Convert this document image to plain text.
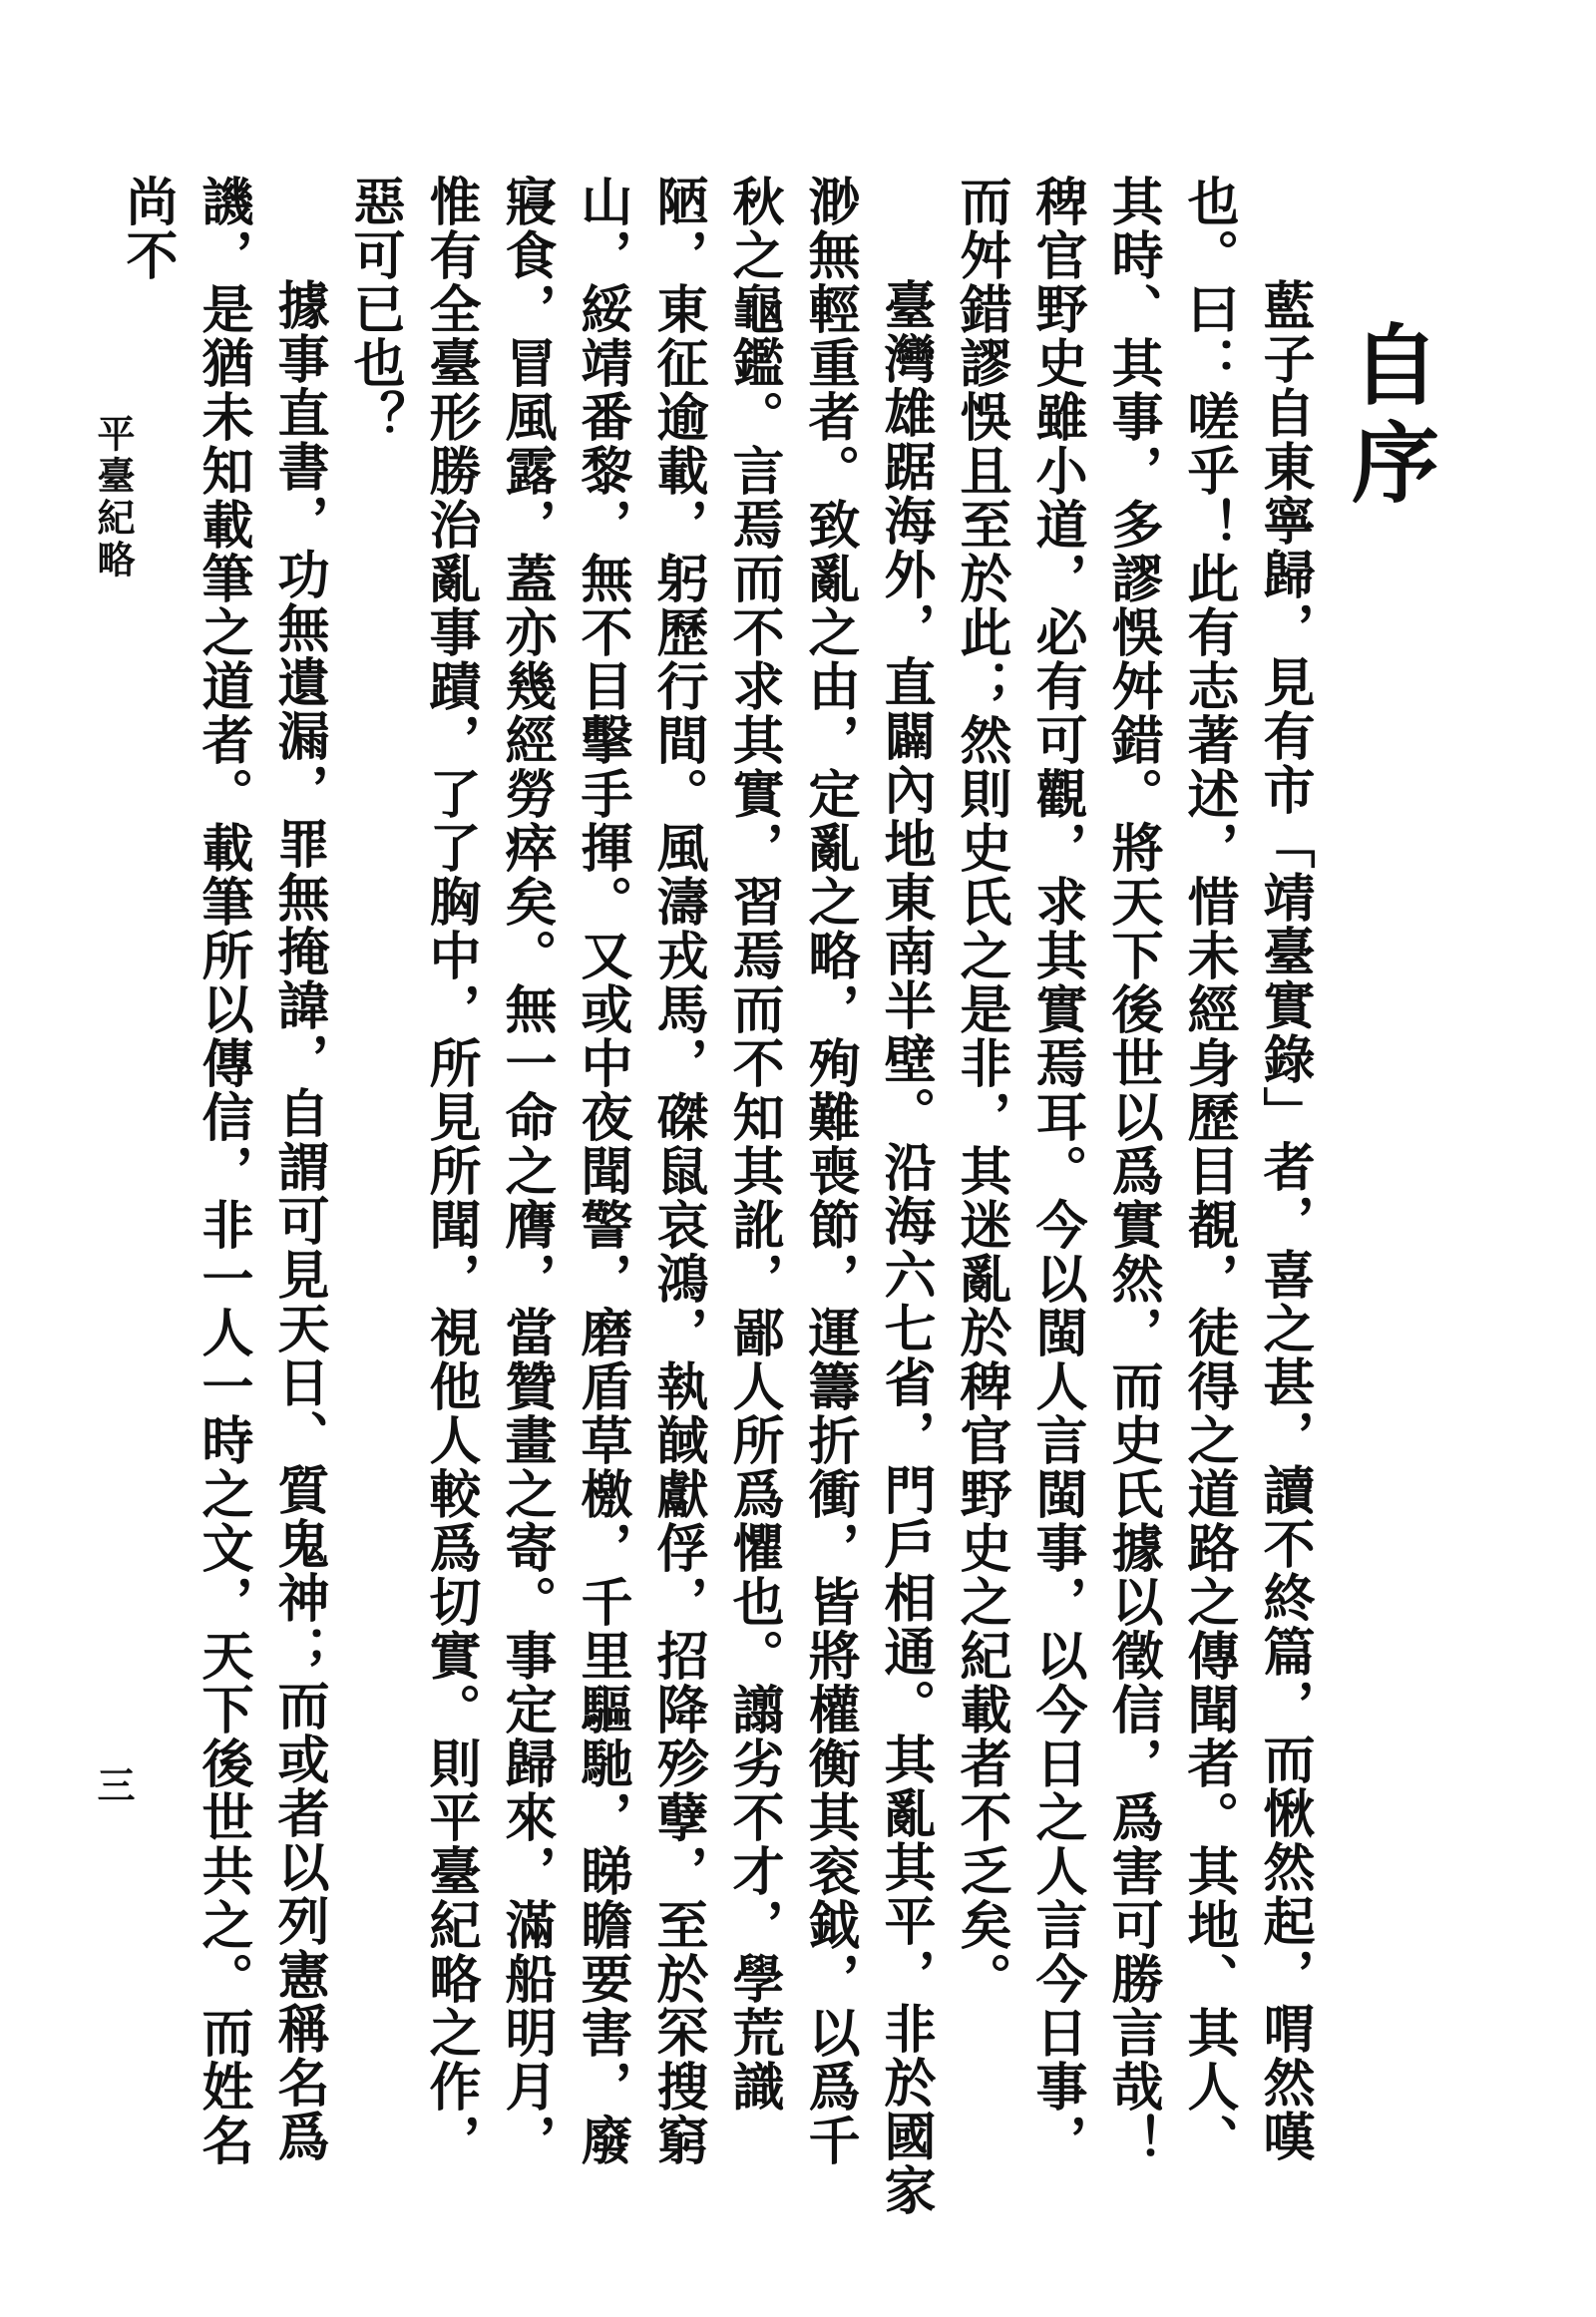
自序

藍子自東寧歸，見有市「靖臺實錄」者，喜之甚，讀不終篇，而愀然起，喟然嘆也。曰：嗟乎！此有志著述，惜未經身歷目覩，徒得之道路之傳聞者。其地、其人、其時、其事，多謬悞舛錯。將天下後世以爲實然，而史氏據以徵信，爲害可勝言哉！稗官野史雖小道，必有可觀，求其實焉耳。今以閩人言閩事，以今日之人言今日事，而舛錯謬悞且至於此；然則史氏之是非，其迷亂於稗官野史之紀載者不乏矣。

臺灣雄踞海外，直闢內地東南半壁。沿海六七省，門戶相通。其亂其平，非於國家渺無輕重者。致亂之由，定亂之略，殉難喪節，運籌折衝，皆將權衡其衮鉞，以爲千秋之龜鑑。言焉而不求其實，習焉而不知其訛，鄙人所爲懼也。譾劣不才，學荒識陋，東征逾載，躬歷行間。風濤戎馬，磔鼠哀鴻，執馘獻俘，招降殄孽，至於罙搜窮山，綏靖番黎，無不目擊手揮。又或中夜聞警，磨盾草檄，千里驅馳，睇瞻要害，廢寢食，冒風露，蓋亦幾經勞瘁矣。無一命之膺，當贊畫之寄。事定歸來，滿船明月，惟有全臺形勝治亂事蹟，了了胸中，所見所聞，視他人較爲切實。則平臺紀略之作，惡可已也？

據事直書，功無遺漏，罪無掩諱，自謂可見天日、質鬼神；而或者以列憲稱名爲譏，是猶未知載筆之道者。載筆所以傳信，非一人一時之文，天下後世共之。而姓名尚不

平臺紀略
三
